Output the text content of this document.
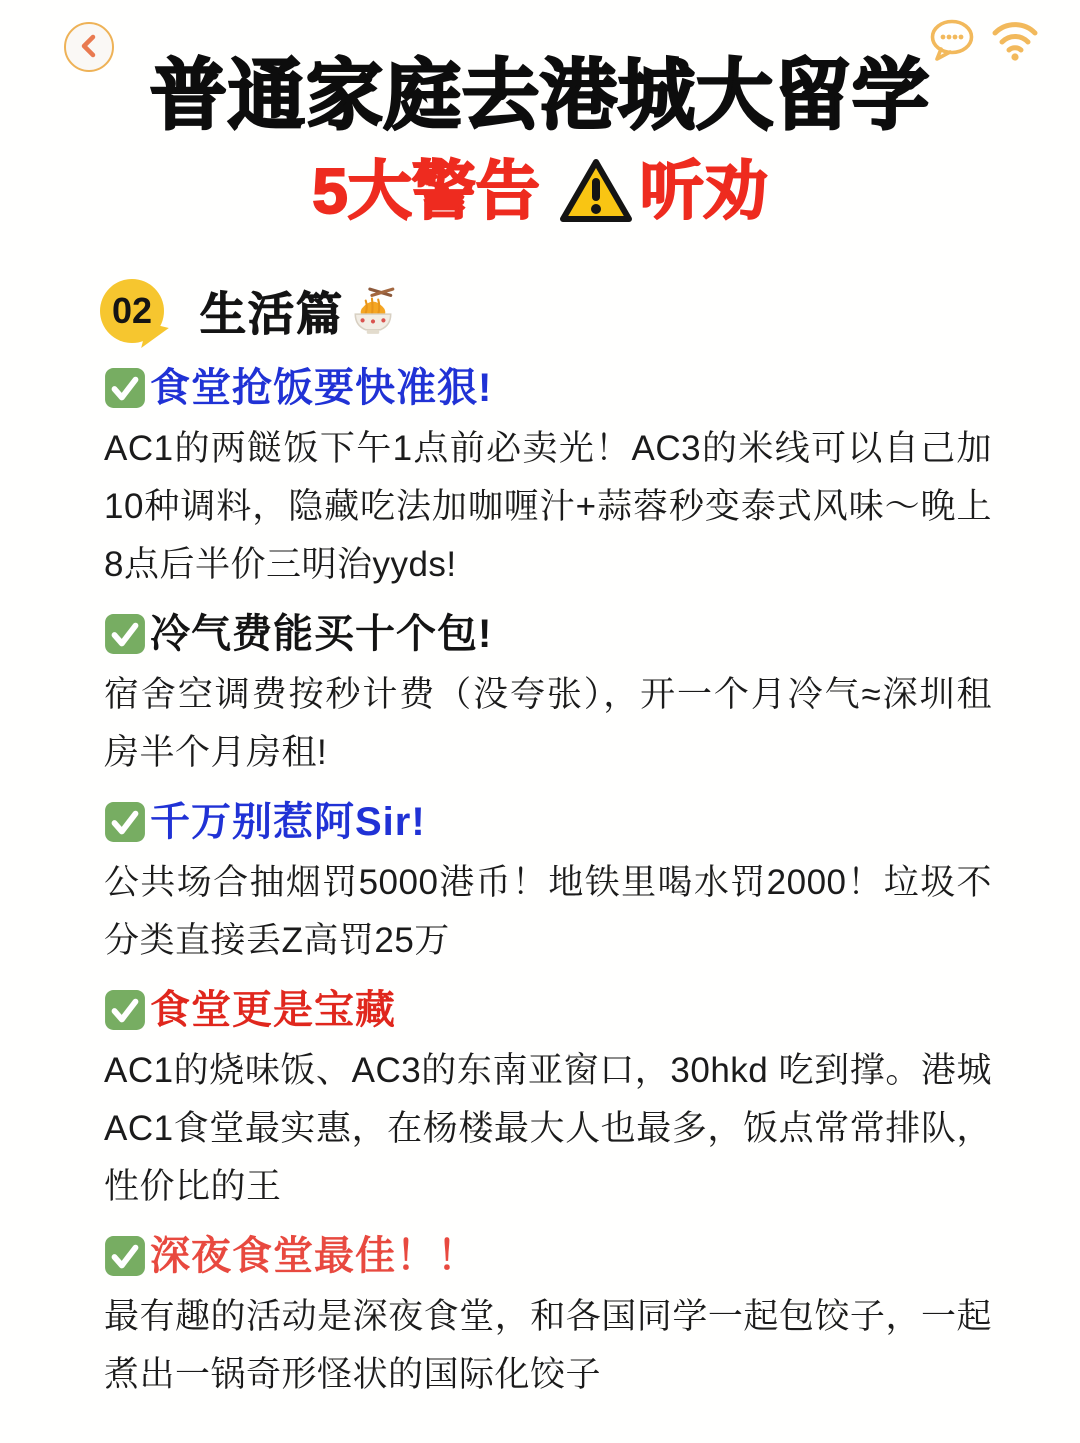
普通家庭去港城大留学
5大警告 听劝
02 生活篇
食堂抢饭要快准狠!

AC1的两餸饭下午1点前必卖光！AC3的米线可以自己加10种调料，隐藏吃法加咖喱汁+蒜蓉秒变泰式风味～晚上8点后半价三明治yyds!

冷气费能买十个包!

宿舍空调费按秒计费（没夸张），开一个月冷气≈深圳租房半个月房租!

千万别惹阿Sir!

公共场合抽烟罚5000港币！地铁里喝水罚2000！垃圾不分类直接丢Z高罚25万

食堂更是宝藏

AC1的烧味饭、AC3的东南亚窗口，30hkd 吃到撑。港城AC1食堂最实惠，在杨楼最大人也最多，饭点常常排队，性价比的王

深夜食堂最佳！！

最有趣的活动是深夜食堂，和各国同学一起包饺子，一起煮出一锅奇形怪状的国际化饺子
